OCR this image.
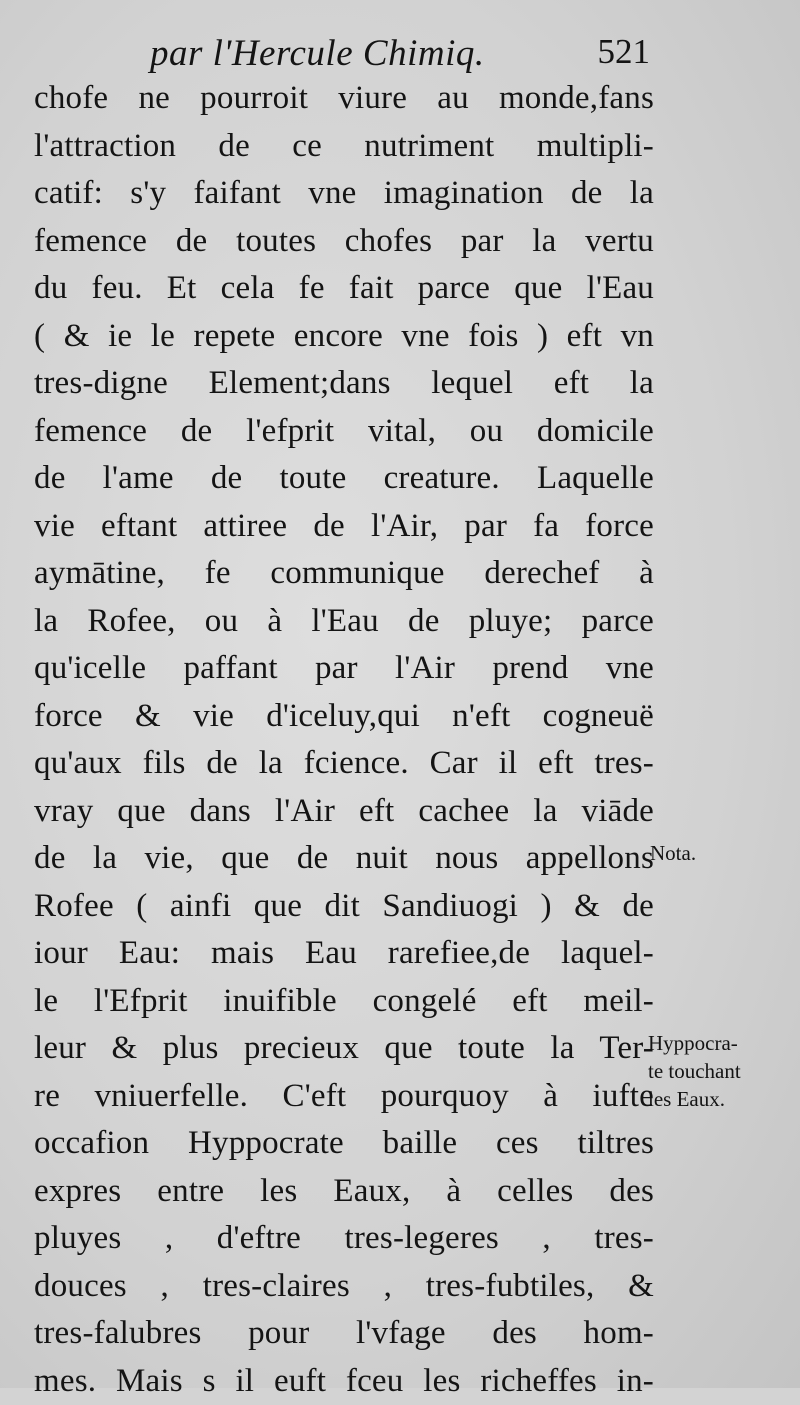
par l'Hercule Chimiq.	521
chofe ne pourroit viure au monde,fans
l'attraction de ce nutriment multipli-
catif: s'y faifant vne imagination de la
femence de toutes chofes par la vertu
du feu. Et cela fe fait parce que l'Eau
( & ie le repete encore vne fois ) eft vn
tres-digne Element;dans lequel eft la
femence de l'efprit vital, ou domicile
de l'ame de toute creature. Laquelle
vie eftant attiree de l'Air, par fa force
aymātine, fe communique derechef à
la Rofee, ou à l'Eau de pluye; parce
qu'icelle paffant par l'Air prend vne
force & vie d'iceluy,qui n'eft cogneuë
qu'aux fils de la fcience. Car il eft tres-
vray que dans l'Air eft cachee la viāde
de la vie, que de nuit nous appellons
Rofee ( ainfi que dit Sandiuogi ) & de
iour Eau: mais Eau rarefiee,de laquel-
le l'Efprit inuifible congelé eft meil-
leur & plus precieux que toute la Ter-
re vniuerfelle. C'eft pourquoy à iufte
occafion Hyppocrate baille ces tiltres
expres entre les Eaux, à celles des
pluyes , d'eftre tres-legeres , tres-
douces , tres-claires , tres-fubtiles, &
tres-falubres pour l'vfage des hom-
mes. Mais s il euft fceu les richeffes in-
Nota.
Hyppocra-
te touchant
les Eaux.
